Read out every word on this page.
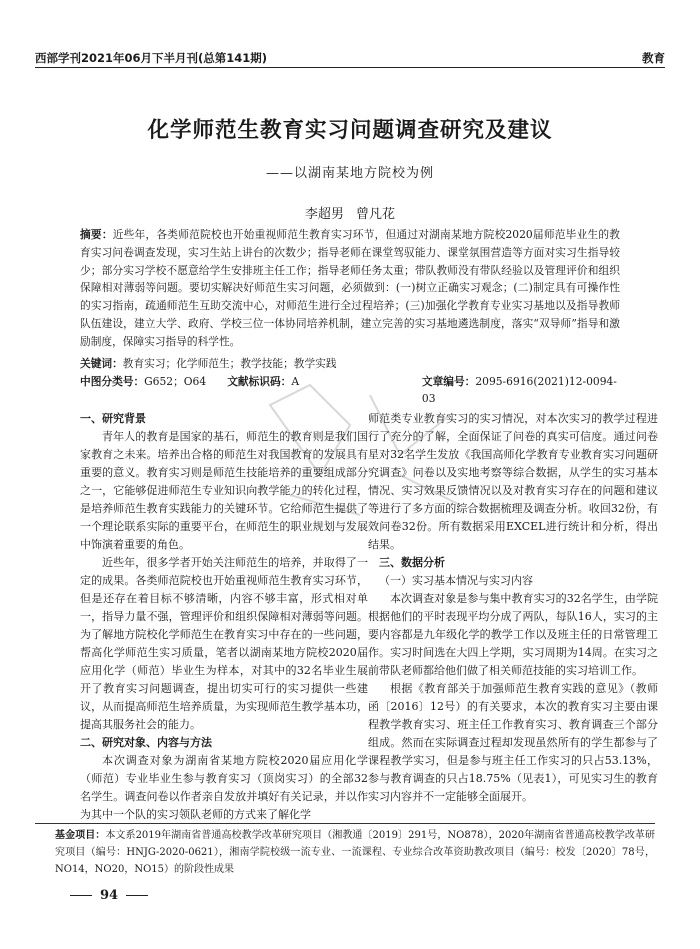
西部学刊2021年06月下半月刊(总第141期)	教育
化学师范生教育实习问题调查研究及建议
——以湖南某地方院校为例
李超男 曾凡花
摘要：近些年，各类师范院校也开始重视师范生教育实习环节，但通过对湖南某地方院校2020届师范毕业生的教育实习问卷调查发现，实习生站上讲台的次数少；指导老师在课堂驾驭能力、课堂氛围营造等方面对实习生指导较少；部分实习学校不愿意给学生安排班主任工作；指导老师任务太重；带队教师没有带队经验以及管理评价和组织保障相对薄弱等问题。要切实解决好师范生实习问题，必须做到：(一)树立正确实习观念；(二)制定具有可操作性的实习指南，疏通师范生互助交流中心，对师范生进行全过程培养；(三)加强化学教育专业实习基地以及指导教师队伍建设，建立大学、政府、学校三位一体协同培养机制，建立完善的实习基地遴选制度，落实“双导师”指导和激励制度，保障实习指导的科学性。
关键词：教育实习；化学师范生；教学技能；教学实践
中图分类号：G652；O64	文献标识码：A	文章编号：2095-6916(2021)12-0094-03
一、研究背景

青年人的教育是国家的基石，师范生的教育则是我们国家教育之未来。培养出合格的师范生对我国教育的发展具有重要的意义。教育实习则是师范生技能培养的重要组成部分之一，它能够促进师范生专业知识向教学能力的转化过程，是培养师范生教育实践能力的关键环节。它给师范生提供了一个理论联系实际的重要平台，在师范生的职业规划与发展中饰演着重要的角色。

近些年，很多学者开始关注师范生的培养，并取得了一定的成果。各类师范院校也开始重视师范生教育实习环节，但是还存在着目标不够清晰，内容不够丰富，形式相对单一，指导力量不强，管理评价和组织保障相对薄弱等问题。为了解地方院校化学师范生在教育实习中存在的一些问题，帮高化学师范生实习质量，笔者以湖南某地方院校2020届应用化学（师范）毕业生为样本，对其中的32名毕业生展开了教育实习问题调查，提出切实可行的实习提供一些建议，从而提高师范生培养质量，为实现师范生教学基本功，提高其服务社会的能力。

二、研究对象、内容与方法

本次调查对象为湖南省某地方院校2020届应用化学（师范）专业毕业生参与教育实习（顶岗实习）的全部32名学生。调查问卷以作者亲自发放并填好有关记录，并以作为其中一个队的实习领队老师的方式来了解化学

师范类专业教育实习的实习情况，对本次实习的教学过程进行了充分的了解，全面保证了问卷的真实可信度。通过问卷星对32名学生发放《我国高师化学教育专业教育实习问题研究调查》问卷以及实地考察等综合数据，从学生的实习基本情况、实习效果反馈情况以及对教育实习存在的问题和建议等进行了多方面的综合数据梳理及调查分析。收回32份，有效问卷32份。所有数据采用EXCEL进行统计和分析，得出结果。

三、数据分析

（一）实习基本情况与实习内容

本次调查对象是参与集中教育实习的32名学生，由学院根据他们的平时表现平均分成了两队，每队16人，实习的主要内容都是九年级化学的教学工作以及班主任的日常管理工作。实习时间选在大四上学期，实习周期为14周。在实习之前带队老师都给他们做了相关师范技能的实习培训工作。

根据《教育部关于加强师范生教育实践的意见》（教师函〔2016〕12号）的有关要求，本次的教育实习主要由课程教学教育实习、班主任工作教育实习、教育调查三个部分组成。然而在实际调查过程却发现虽然所有的学生都参与了课程教学实习，但是参与班主任工作实习的只占53.13%，参与教育调查的只占18.75%（见表1），可见实习生的教育实习内容并不一定能够全面展开。

基金项目：本文系2019年湖南省普通高校教学改革研究项目（湘教通〔2019〕291号，NO878），2020年湖南省普通高校教学改革研究项目（编号：HNJG-2020-0621），湘南学院校级一流专业、一流课程、专业综合改革资助教改项目（编号：校发〔2020〕78号，NO14，NO20，NO15）的阶段性成果
94
